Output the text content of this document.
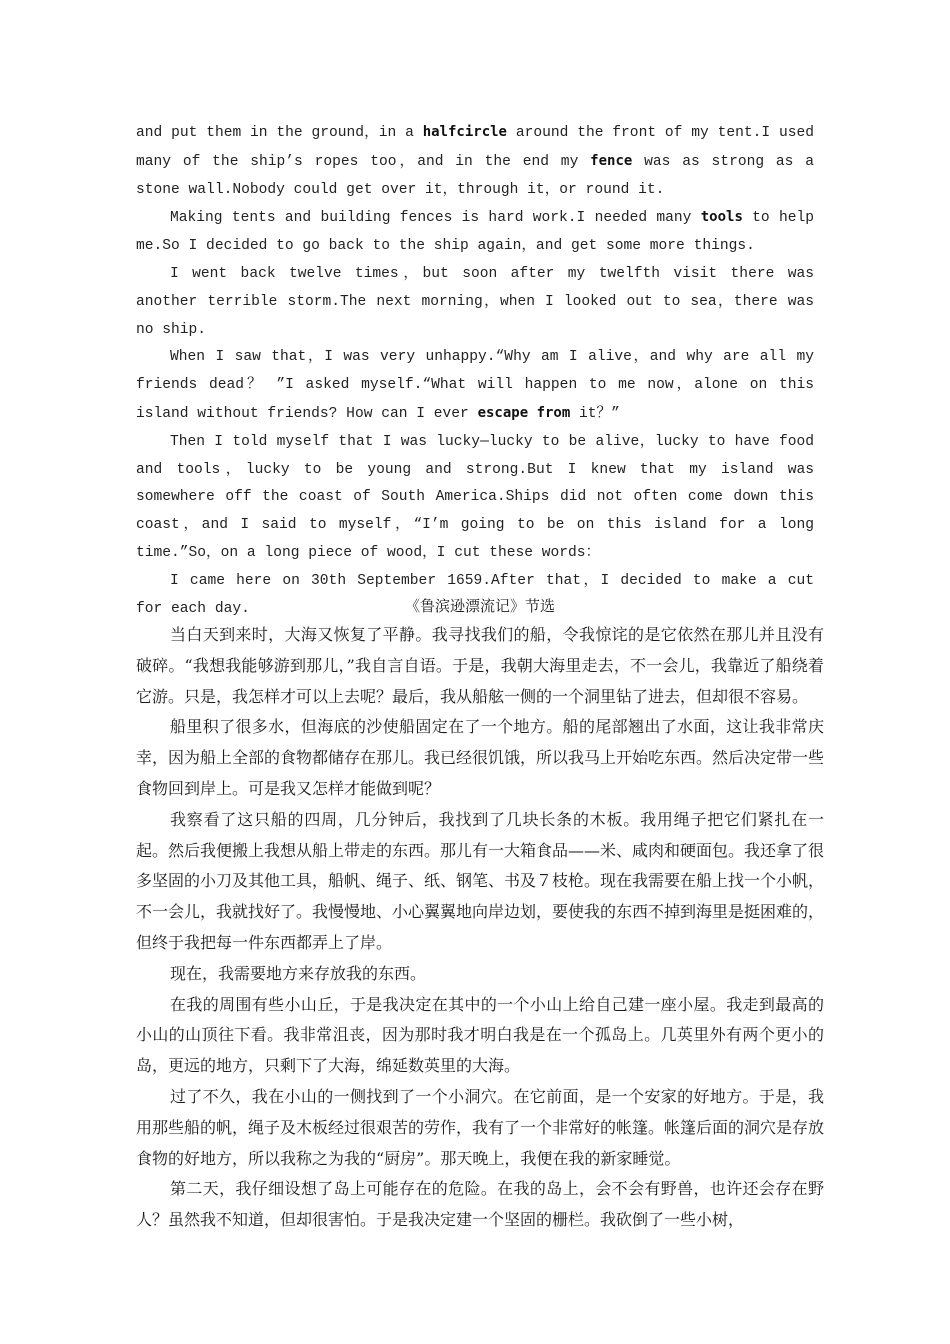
and put them in the ground，in a halfcircle around the front of my tent.I used many of the ship’s ropes too，and in the end my fence was as strong as a stone wall.Nobody could get over it，through it，or round it.

Making tents and building fences is hard work.I needed many tools to help me.So I decided to go back to the ship again，and get some more things.

I went back twelve times，but soon after my twelfth visit there was another terrible storm.The next morning，when I looked out to sea，there was no ship.

When I saw that，I was very unhappy.“Why am I alive，and why are all my friends dead？ ”I asked myself.“What will happen to me now，alone on this island without friends? How can I ever escape from it？”

Then I told myself that I was lucky—lucky to be alive，lucky to have food and tools，lucky to be young and strong.But I knew that my island was somewhere off the coast of South America.Ships did not often come down this coast，and I said to myself，“I’m going to be on this island for a long time.”So，on a long piece of wood，I cut these words：

I came here on 30th September 1659.After that，I decided to make a cut for each day.	《鲁滨逊漂流记》节选

当白天到来时，大海又恢复了平静。我寻找我们的船，令我惊诧的是它依然在那儿并且没有破碎。“我想我能够游到那儿，”我自言自语。于是，我朝大海里走去，不一会儿，我靠近了船绕着它游。只是，我怎样才可以上去呢？最后，我从船舷一侧的一个洞里钻了进去，但却很不容易。

船里积了很多水，但海底的沙使船固定在了一个地方。船的尾部翘出了水面，这让我非常庆幸，因为船上全部的食物都储存在那儿。我已经很饥饿，所以我马上开始吃东西。然后决定带一些食物回到岸上。可是我又怎样才能做到呢？

我察看了这只船的四周，几分钟后，我找到了几块长条的木板。我用绳子把它们紧扎在一起。然后我便搬上我想从船上带走的东西。那儿有一大箱食品——米、咸肉和硬面包。我还拿了很多坚固的小刀及其他工具，船帆、绳子、纸、钢笔、书及７枝枪。现在我需要在船上找一个小帆，不一会儿，我就找好了。我慢慢地、小心翼翼地向岸边划，要使我的东西不掉到海里是挺困难的，但终于我把每一件东西都弄上了岸。

现在，我需要地方来存放我的东西。

在我的周围有些小山丘，于是我决定在其中的一个小山上给自己建一座小屋。我走到最高的小山的山顶往下看。我非常沮丧，因为那时我才明白我是在一个孤岛上。几英里外有两个更小的岛，更远的地方，只剩下了大海，绵延数英里的大海。

过了不久，我在小山的一侧找到了一个小洞穴。在它前面，是一个安家的好地方。于是，我用那些船的帆，绳子及木板经过很艰苦的劳作，我有了一个非常好的帐篷。帐篷后面的洞穴是存放食物的好地方，所以我称之为我的“厨房”。那天晚上，我便在我的新家睡觉。

第二天，我仔细设想了岛上可能存在的危险。在我的岛上，会不会有野兽，也许还会存在野人？虽然我不知道，但却很害怕。于是我决定建一个坚固的栅栏。我砍倒了一些小树，
